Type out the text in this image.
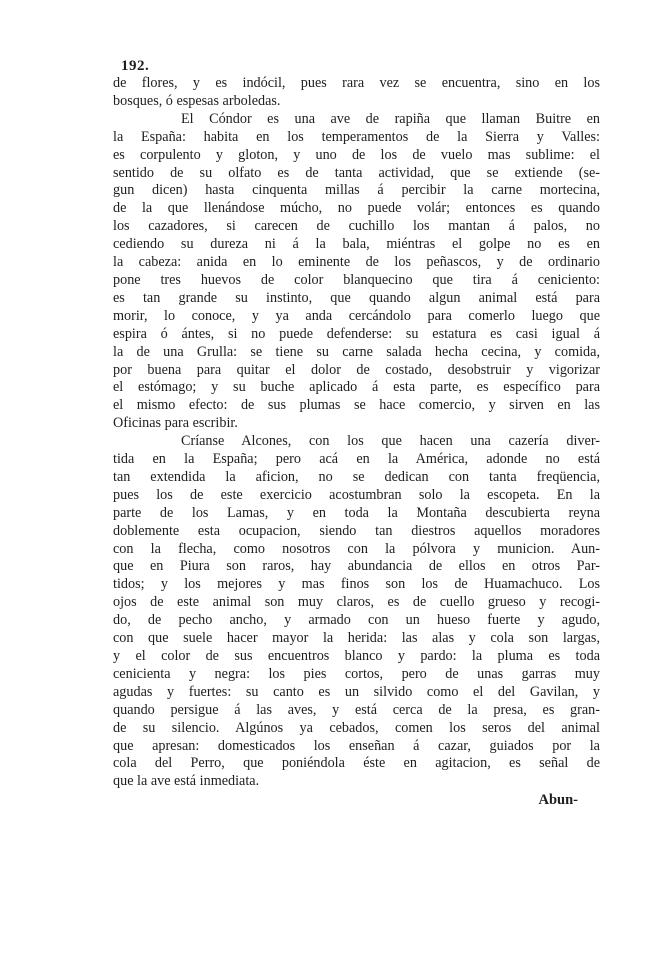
192.
de flores, y es indócil, pues rara vez se encuentra, sino en los
bosques, ó espesas arboledas.
El Cóndor es una ave de rapiña que llaman Buitre en
la España: habita en los temperamentos de la Sierra y Valles:
es corpulento y gloton, y uno de los de vuelo mas sublime: el
sentido de su olfato es de tanta actividad, que se extiende (se-
gun dicen) hasta cinquenta millas á percibir la carne mortecina,
de la que llenándose múcho, no puede volár; entonces es quando
los cazadores, si carecen de cuchillo los mantan á palos, no
cediendo su dureza ni á la bala, miéntras el golpe no es en
la cabeza: anida en lo eminente de los peñascos, y de ordinario
pone tres huevos de color blanquecino que tira á ceniciento:
es tan grande su instinto, que quando algun animal está para
morir, lo conoce, y ya anda cercándolo para comerlo luego que
espira ó ántes, si no puede defenderse: su estatura es casi igual á
la de una Grulla: se tiene su carne salada hecha cecina, y comida,
por buena para quitar el dolor de costado, desobstruir y vigorizar
el estómago; y su buche aplicado á esta parte, es específico para
el mismo efecto: de sus plumas se hace comercio, y sirven en las
Oficinas para escribir.
Críanse Alcones, con los que hacen una cazería diver-
tida en la España; pero acá en la América, adonde no está
tan extendida la aficion, no se dedican con tanta freqüencia,
pues los de este exercicio acostumbran solo la escopeta. En la
parte de los Lamas, y en toda la Montaña descubierta reyna
doblemente esta ocupacion, siendo tan diestros aquellos moradores
con la flecha, como nosotros con la pólvora y municion. Aun-
que en Piura son raros, hay abundancia de ellos en otros Par-
tidos; y los mejores y mas finos son los de Huamachuco. Los
ojos de este animal son muy claros, es de cuello grueso y recogi-
do, de pecho ancho, y armado con un hueso fuerte y agudo,
con que suele hacer mayor la herida: las alas y cola son largas,
y el color de sus encuentros blanco y pardo: la pluma es toda
cenicienta y negra: los pies cortos, pero de unas garras muy
agudas y fuertes: su canto es un silvido como el del Gavilan, y
quando persigue á las aves, y está cerca de la presa, es gran-
de su silencio. Algúnos ya cebados, comen los seros del animal
que apresan: domesticados los enseñan á cazar, guiados por la
cola del Perro, que poniéndola éste en agitacion, es señal de
que la ave está inmediata.
Abun-
